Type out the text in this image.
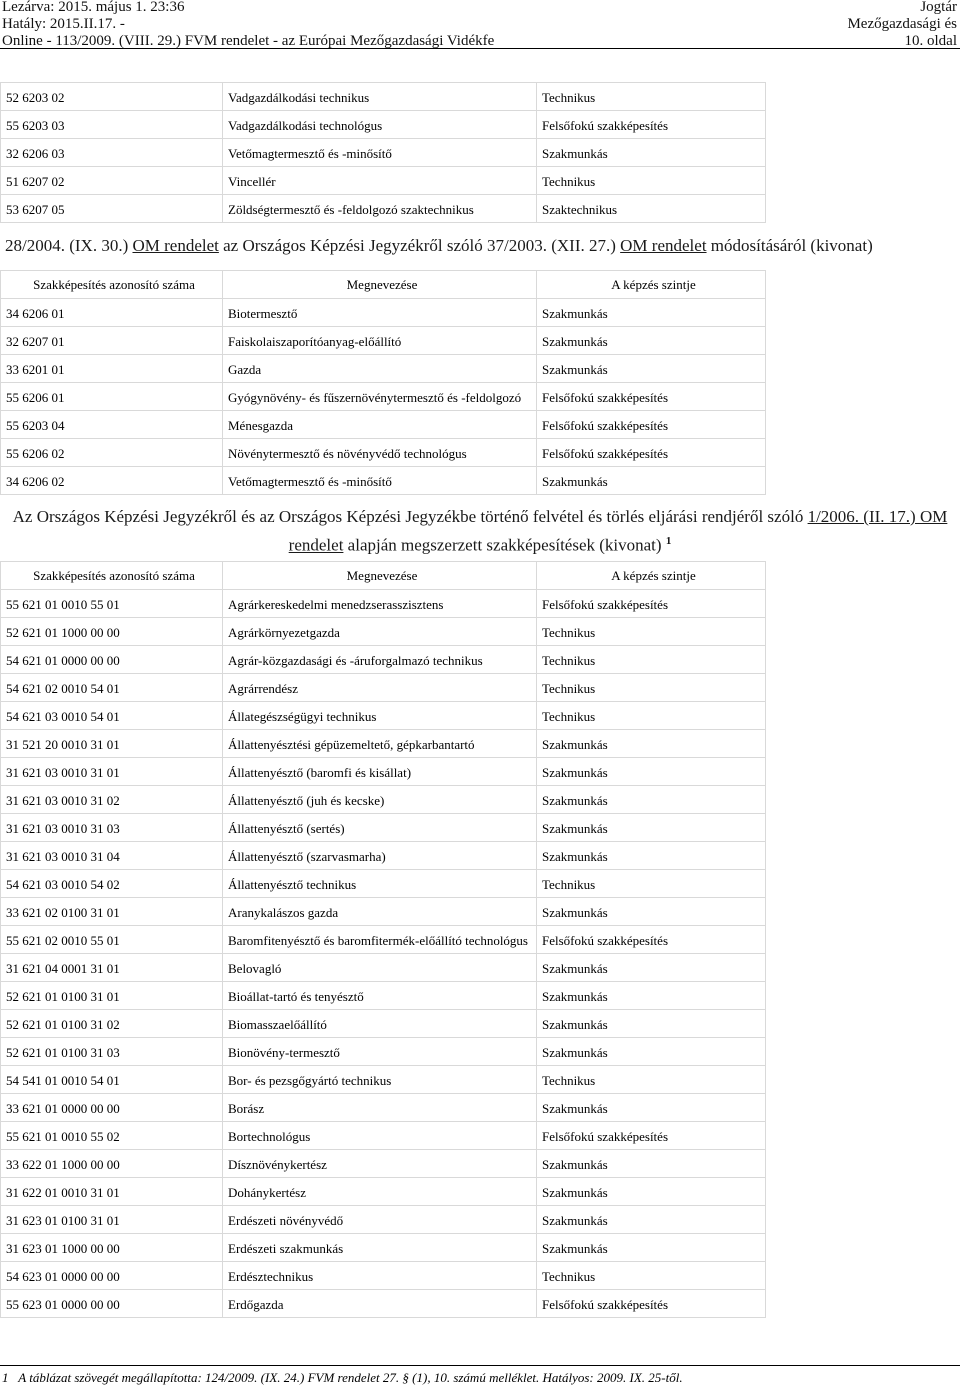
Lezárva: 2015. május 1. 23:36
Hatály: 2015.II.17. -
Online - 113/2009. (VIII. 29.) FVM rendelet - az Európai Mezőgazdasági Vidékfe
Jogtár
Mezőgazdasági és
10. oldal
52 6203 02	Vadgazdálkodási technikus	Technikus
55 6203 03	Vadgazdálkodási technológus	Felsőfokú szakképesítés
32 6206 03	Vetőmagtermesztő és -minősítő	Szakmunkás
51 6207 02	Vincellér	Technikus
53 6207 05	Zöldségtermesztő és -feldolgozó szaktechnikus	Szaktechnikus
28/2004. (IX. 30.) OM rendelet az Országos Képzési Jegyzékről szóló 37/2003. (XII. 27.) OM rendelet módosításáról (kivonat)
Szakképesítés azonosító száma	Megnevezése	A képzés szintje
34 6206 01	Biotermesztő	Szakmunkás
32 6207 01	Faiskolaiszaporítóanyag-előállító	Szakmunkás
33 6201 01	Gazda	Szakmunkás
55 6206 01	Gyógynövény- és fűszernövénytermesztő és -feldolgozó	Felsőfokú szakképesítés
55 6203 04	Ménesgazda	Felsőfokú szakképesítés
55 6206 02	Növénytermesztő és növényvédő technológus	Felsőfokú szakképesítés
34 6206 02	Vetőmagtermesztő és -minősítő	Szakmunkás
Az Országos Képzési Jegyzékről és az Országos Képzési Jegyzékbe történő felvétel és törlés eljárási rendjéről szóló 1/2006. (II. 17.) OM rendelet alapján megszerzett szakképesítések (kivonat) $^1$
Szakképesítés azonosító száma	Megnevezése	A képzés szintje
55 621 01 0010 55 01	Agrárkereskedelmi menedzserasszisztens	Felsőfokú szakképesítés
52 621 01 1000 00 00	Agrárkörnyezetgazda	Technikus
54 621 01 0000 00 00	Agrár-közgazdasági és -áruforgalmazó technikus	Technikus
54 621 02 0010 54 01	Agrárrendész	Technikus
54 621 03 0010 54 01	Állategészségügyi technikus	Technikus
31 521 20 0010 31 01	Állattenyésztési gépüzemeltető, gépkarbantartó	Szakmunkás
31 621 03 0010 31 01	Állattenyésztő (baromfi és kisállat)	Szakmunkás
31 621 03 0010 31 02	Állattenyésztő (juh és kecske)	Szakmunkás
31 621 03 0010 31 03	Állattenyésztő (sertés)	Szakmunkás
31 621 03 0010 31 04	Állattenyésztő (szarvasmarha)	Szakmunkás
54 621 03 0010 54 02	Állattenyésztő technikus	Technikus
33 621 02 0100 31 01	Aranykalászos gazda	Szakmunkás
55 621 02 0010 55 01	Baromfitenyésztő és baromfitermék-előállító technológus	Felsőfokú szakképesítés
31 621 04 0001 31 01	Belovagló	Szakmunkás
52 621 01 0100 31 01	Bioállat-tartó és tenyésztő	Szakmunkás
52 621 01 0100 31 02	Biomasszaelőállító	Szakmunkás
52 621 01 0100 31 03	Bionövény-termesztő	Szakmunkás
54 541 01 0010 54 01	Bor- és pezsgőgyártó technikus	Technikus
33 621 01 0000 00 00	Borász	Szakmunkás
55 621 01 0010 55 02	Bortechnológus	Felsőfokú szakképesítés
33 622 01 1000 00 00	Dísznövénykertész	Szakmunkás
31 622 01 0010 31 01	Dohánykertész	Szakmunkás
31 623 01 0100 31 01	Erdészeti növényvédő	Szakmunkás
31 623 01 1000 00 00	Erdészeti szakmunkás	Szakmunkás
54 623 01 0000 00 00	Erdésztechnikus	Technikus
55 623 01 0000 00 00	Erdőgazda	Felsőfokú szakképesítés
1 A táblázat szövegét megállapította: 124/2009. (IX. 24.) FVM rendelet 27. § (1), 10. számú melléklet. Hatályos: 2009. IX. 25-től.
